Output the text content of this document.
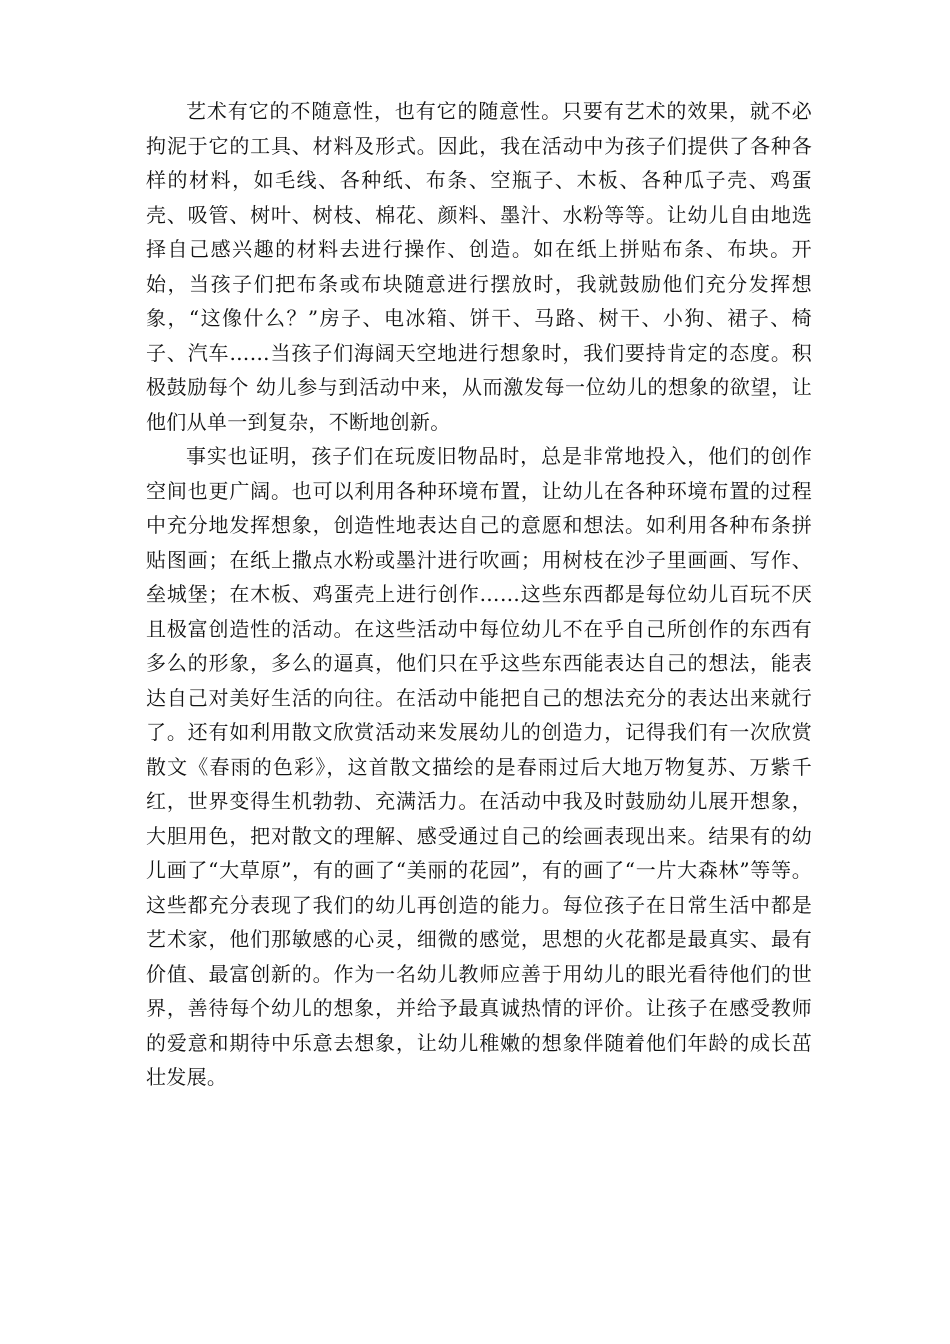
艺术有它的不随意性，也有它的随意性。只要有艺术的效果，就不必拘泥于它的工具、材料及形式。因此，我在活动中为孩子们提供了各种各样的材料，如毛线、各种纸、布条、空瓶子、木板、各种瓜子壳、鸡蛋壳、吸管、树叶、树枝、棉花、颜料、墨汁、水粉等等。让幼儿自由地选择自己感兴趣的材料去进行操作、创造。如在纸上拼贴布条、布块。开始，当孩子们把布条或布块随意进行摆放时，我就鼓励他们充分发挥想象，“这像什么？”房子、电冰箱、饼干、马路、树干、小狗、裙子、椅子、汽车……当孩子们海阔天空地进行想象时，我们要持肯定的态度。积极鼓励每个 幼儿参与到活动中来，从而激发每一位幼儿的想象的欲望，让他们从单一到复杂，不断地创新。

事实也证明，孩子们在玩废旧物品时，总是非常地投入，他们的创作空间也更广阔。也可以利用各种环境布置，让幼儿在各种环境布置的过程中充分地发挥想象，创造性地表达自己的意愿和想法。如利用各种布条拼贴图画；在纸上撒点水粉或墨汁进行吹画；用树枝在沙子里画画、写作、垒城堡；在木板、鸡蛋壳上进行创作……这些东西都是每位幼儿百玩不厌且极富创造性的活动。在这些活动中每位幼儿不在乎自己所创作的东西有多么的形象，多么的逼真，他们只在乎这些东西能表达自己的想法，能表达自己对美好生活的向往。在活动中能把自己的想法充分的表达出来就行了。还有如利用散文欣赏活动来发展幼儿的创造力，记得我们有一次欣赏散文《春雨的色彩》，这首散文描绘的是春雨过后大地万物复苏、万紫千红，世界变得生机勃勃、充满活力。在活动中我及时鼓励幼儿展开想象，大胆用色，把对散文的理解、感受通过自己的绘画表现出来。结果有的幼儿画了“大草原”，有的画了“美丽的花园”，有的画了“一片大森林”等等。这些都充分表现了我们的幼儿再创造的能力。每位孩子在日常生活中都是艺术家，他们那敏感的心灵，细微的感觉，思想的火花都是最真实、最有价值、最富创新的。作为一名幼儿教师应善于用幼儿的眼光看待他们的世界，善待每个幼儿的想象，并给予最真诚热情的评价。让孩子在感受教师的爱意和期待中乐意去想象，让幼儿稚嫩的想象伴随着他们年龄的成长茁壮发展。
